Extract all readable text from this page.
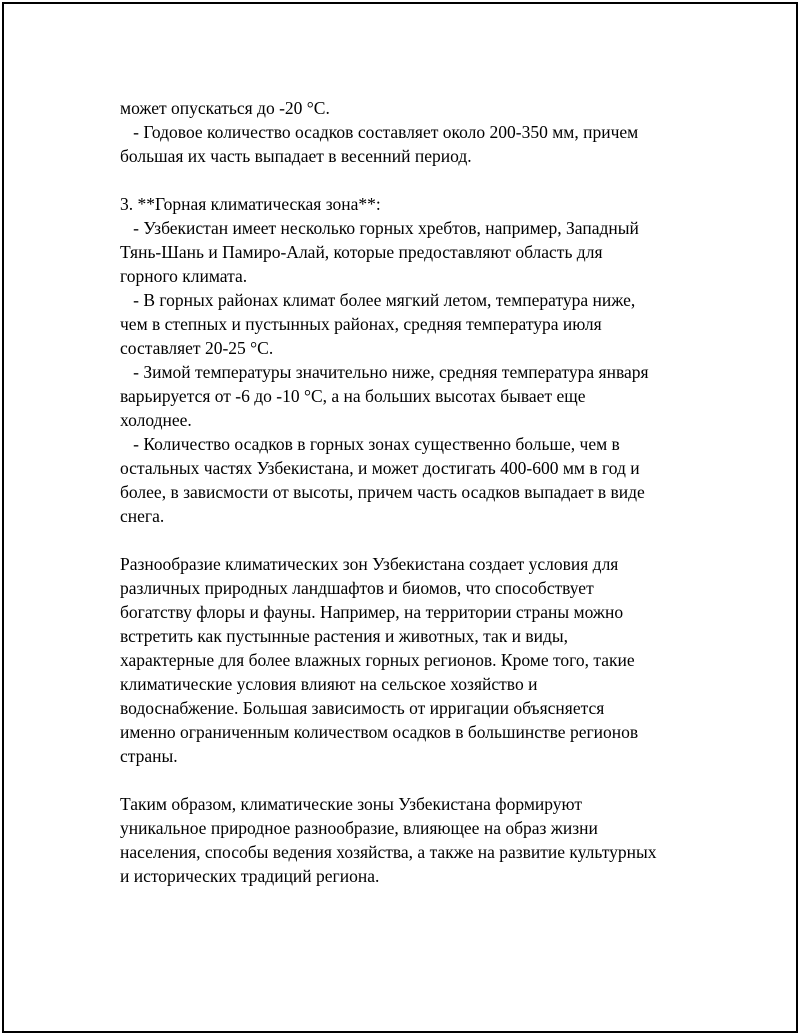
может опускаться до -20 °С.
- Годовое количество осадков составляет около 200-350 мм, причем
большая их часть выпадает в весенний период.
3. **Горная климатическая зона**:
- Узбекистан имеет несколько горных хребтов, например, Западный
Тянь-Шань и Памиро-Алай, которые предоставляют область для
горного климата.
- В горных районах климат более мягкий летом, температура ниже,
чем в степных и пустынных районах, средняя температура июля
составляет 20-25 °С.
- Зимой температуры значительно ниже, средняя температура января
варьируется от -6 до -10 °С, а на больших высотах бывает еще
холоднее.
- Количество осадков в горных зонах существенно больше, чем в
остальных частях Узбекистана, и может достигать 400-600 мм в год и
более, в зависмости от высоты, причем часть осадков выпадает в виде
снега.
Разнообразие климатических зон Узбекистана создает условия для
различных природных ландшафтов и биомов, что способствует
богатству флоры и фауны. Например, на территории страны можно
встретить как пустынные растения и животных, так и виды,
характерные для более влажных горных регионов. Кроме того, такие
климатические условия влияют на сельское хозяйство и
водоснабжение. Большая зависимость от ирригации объясняется
именно ограниченным количеством осадков в большинстве регионов
страны.
Таким образом, климатические зоны Узбекистана формируют
уникальное природное разнообразие, влияющее на образ жизни
населения, способы ведения хозяйства, а также на развитие культурных
и исторических традиций региона.
